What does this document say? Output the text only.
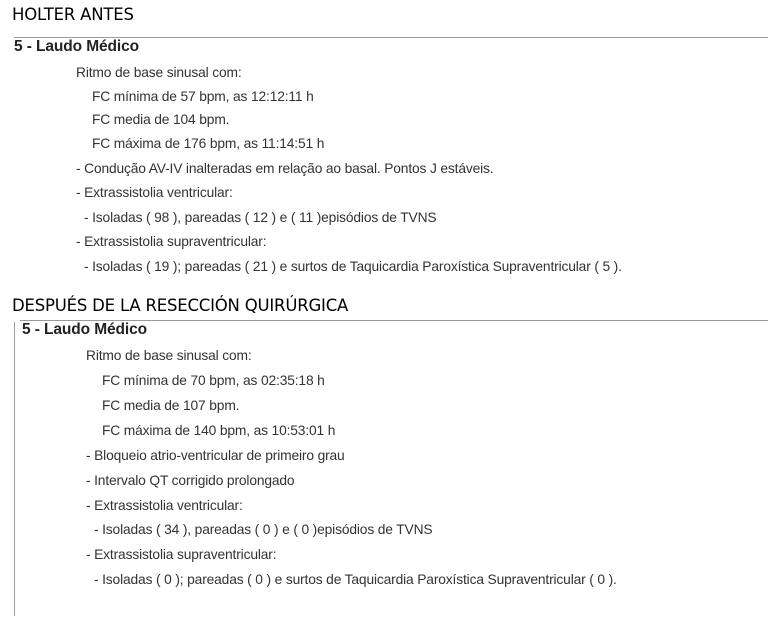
HOLTER ANTES
5 - Laudo Médico
Ritmo de base sinusal com:
FC mínima de 57 bpm, as 12:12:11 h
FC media de 104 bpm.
FC máxima de 176 bpm, as 11:14:51 h
- Condução AV-IV inalteradas em relação ao basal. Pontos J estáveis.
- Extrassistolia ventricular:
- Isoladas ( 98 ), pareadas ( 12 ) e ( 11 )episódios de TVNS
- Extrassistolia supraventricular:
- Isoladas ( 19 ); pareadas ( 21 ) e surtos de Taquicardia Paroxística Supraventricular ( 5 ).
DESPUÉS DE LA RESECCIÓN QUIRÚRGICA
5 - Laudo Médico
Ritmo de base sinusal com:
FC mínima de 70 bpm, as 02:35:18 h
FC media de 107 bpm.
FC máxima de 140 bpm, as 10:53:01 h
- Bloqueio atrio-ventricular de primeiro grau
- Intervalo QT corrigido prolongado
- Extrassistolia ventricular:
- Isoladas ( 34 ), pareadas ( 0 ) e ( 0 )episódios de TVNS
- Extrassistolia supraventricular:
- Isoladas ( 0 ); pareadas ( 0 ) e surtos de Taquicardia Paroxística Supraventricular ( 0 ).
